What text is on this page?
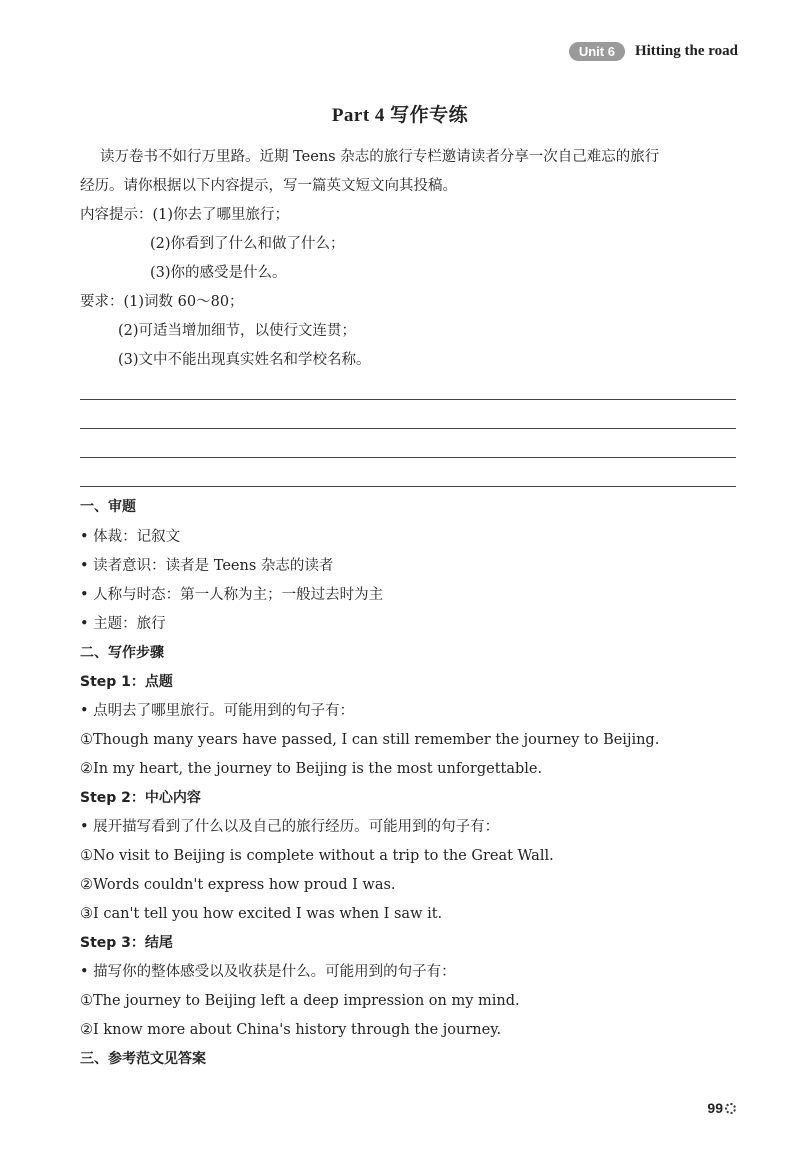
Unit 6	Hitting the road
Part 4 写作专练
读万卷书不如行万里路。近期 Teens 杂志的旅行专栏邀请读者分享一次自己难忘的旅行
经历。请你根据以下内容提示，写一篇英文短文向其投稿。
内容提示：(1)你去了哪里旅行；
(2)你看到了什么和做了什么；
(3)你的感受是什么。
要求：(1)词数 60～80；
(2)可适当增加细节，以使行文连贯；
(3)文中不能出现真实姓名和学校名称。
一、审题
• 体裁：记叙文
• 读者意识：读者是 Teens 杂志的读者
• 人称与时态：第一人称为主；一般过去时为主
• 主题：旅行
二、写作步骤
Step 1：点题
• 点明去了哪里旅行。可能用到的句子有：
①Though many years have passed, I can still remember the journey to Beijing.
②In my heart, the journey to Beijing is the most unforgettable.
Step 2：中心内容
• 展开描写看到了什么以及自己的旅行经历。可能用到的句子有：
①No visit to Beijing is complete without a trip to the Great Wall.
②Words couldn't express how proud I was.
③I can't tell you how excited I was when I saw it.
Step 3：结尾
• 描写你的整体感受以及收获是什么。可能用到的句子有：
①The journey to Beijing left a deep impression on my mind.
②I know more about China's history through the journey.
三、参考范文见答案
99
